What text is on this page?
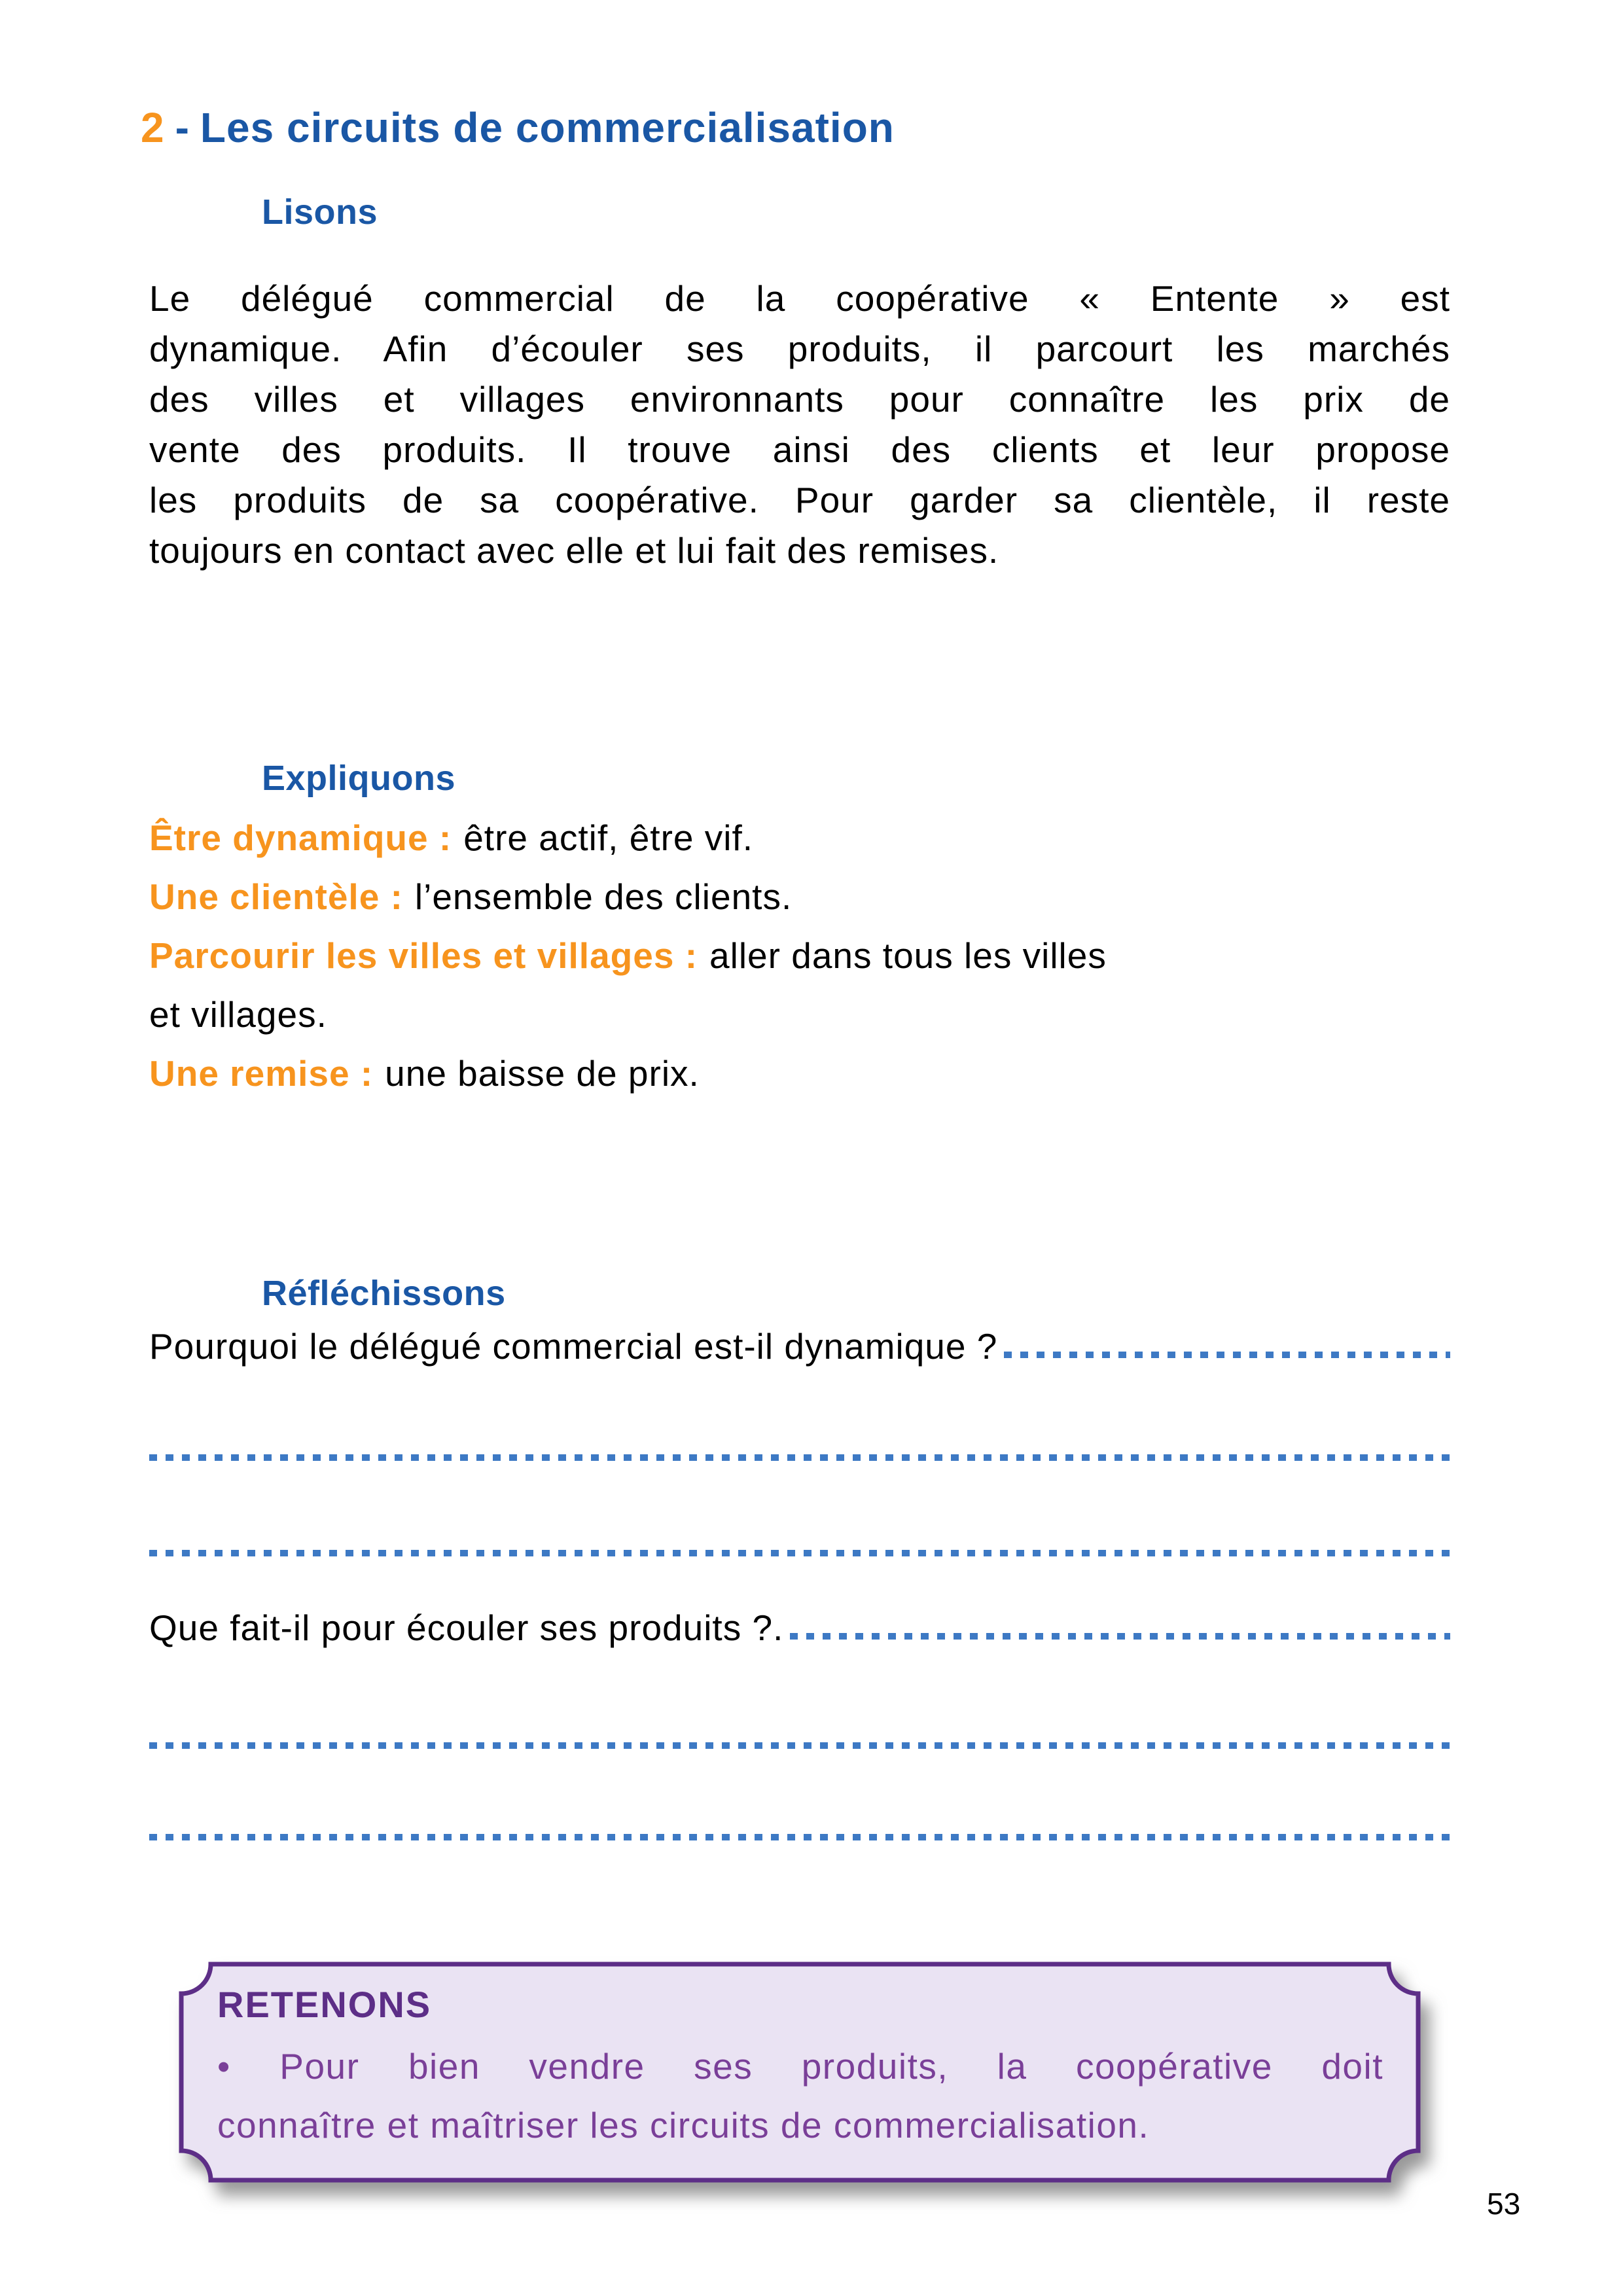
2 - Les circuits de commercialisation
Lisons
Le délégué commercial de la coopérative « Entente » est
dynamique. Afin d’écouler ses produits, il parcourt les marchés
des villes et villages environnants pour connaître les prix de
vente des produits. Il trouve ainsi des clients et leur propose
les produits de sa coopérative. Pour garder sa clientèle, il reste
toujours en contact avec elle et lui fait des remises.
Expliquons
Être dynamique : être actif, être vif.
Une clientèle : l’ensemble des clients.
Parcourir les villes et villages : aller dans tous les villes
et villages.
Une remise : une baisse de prix.
Réfléchissons
Pourquoi le délégué commercial est-il dynamique ?
Que fait-il pour écouler ses produits ?.
RETENONS
• Pour bien vendre ses produits, la coopérative doit
connaître et maîtriser les circuits de commercialisation.
53
